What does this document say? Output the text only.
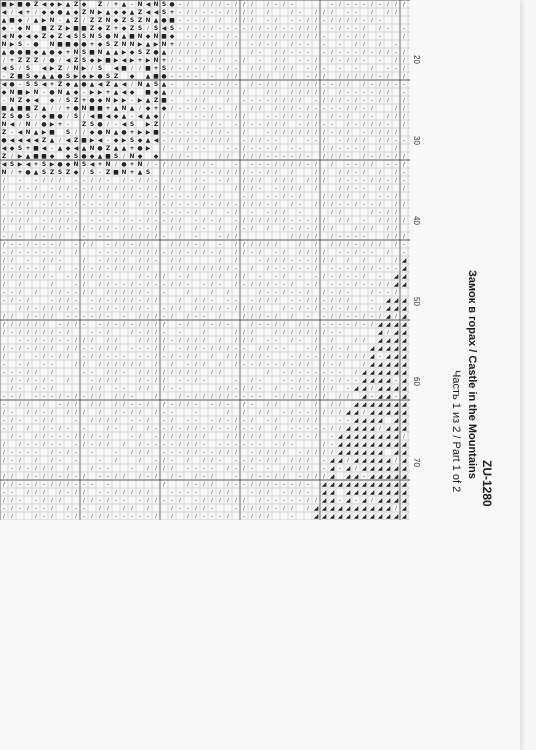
■ ▶ ■ ● Z ◀ ◆ ▶ ▲ Z ◆ Z / + ▲ – N ◀ N S ● – /	/ / / – / / /	/ – / –	– / – – – / – / / /
◀ / ◀ + / ◆ ◆ ● ▲ ◆ Z N ▶ ▲ ◆ ◆ ▲ Z ◀ ◀ S + – / / – – – / / / /	/	/ –	/ / /	– –	/	/ /
▲ ■ ◆ / ▲ ▶ N – ▲ Z / Z Z N ◆ Z S Z N ▲ ● ■ – – – /	/	/ / /	– /	– – / / – / / / / – / –
◆ – ◆ N ■ Z Z ▶ ■ ■ Z ◆ Z + ◆ Z S / S ◀ S – / – / / – – – – / / – / – – / / /	– / – – /	/ –	–
◀ N ◆ ◀ ◆ Z ◆ Z ◀ S S N S ● N ▲ ■ N ◆ N ■ ◆ – / – –	/ –	/ / / / / / / / / –	/ – / /	–	/
N ▶ S – ● N ■ ■ ● ● + ◆ S Z N N ▶ ▲ ▶ N + / / – / /	/ /	– / – /	/ – –	–	–	/ /	/	–
▲ ● ● ■ ◆ ▲ ● ◆ + N S ■ N ▲ ▲ ▶ ◆ S Z ● ▲ / / / /	/ /	/ –	/ / – – –	– / – – – / – / / – /
/ + Z Z Z / ● / ◀ Z S ◆ ▶ ■ ▶ ◀ ▶ + ▶ N + / –	/ – / /	– /	–	/ /	– – /	/ – / / –	–	/ /
◀ S / S ◀ ▶ Z / N ▶ / S ◀ ■ / / ■ + S / – / – /	– / –	/ /	/ / /	– / –	–	–	/	– – /
– Z ■ S ◆ ▲ ▲ ● S ▶ ◆ ▶ ● S Z ◆ ▲ ■ ● – – – –	–	/ /	/ / /	/ /	– / /	/ / / / / – /	/
◀ ● – S S ◀ + Z ◆ ▲ ● ▲ ◀ Z ▲ ◀ / N ▲ S ▲ –	/ – – – / / –	/ – / /	/ / / / – – / /	/ – / / – –
◆ N ■ ▶ N – ● N ▲ ◆ – ▶ ▶ + ▲ ◀ ◆ ■ ◆ ▲ / /	/ / / /	/	/ /	/ / / / /	/ – – – – / /	–
– N Z ◆ ◀ ◆ / S Z + ● ◆ N ▶ ▶ – ▶ ▲ Z ■ –	– / /	/	– – – – / / / /	– / / / – / – – / /	/
■ ▲ ■ ■ Z ▲ / / + ● N ■ ■ + ▲ N ▲ / ◆ + ◆ / – – / – / –	/	/ /	/ / / – / – – – – / / – /	/ /
Z S ● S / ◆ ■ ● / S / ◀ ■ ◀ ◆ ▲ – ◀ ▲ ◆ /	–	– – /	– / /	– – / / – / /	/ – /	/ –	/ / /
N ◀ / N / ● ▶ + – Z S ● / – ◀ S ▶ Z / / – / /	/ –	– / – – / / /	– / / – –	/ – / / / –	/
Z – ◀ N ▲ ▶ ■ S / / ◆ ● N ▲ ● + ▶ ▶ ■ – – – – –	/ / –	/	– / / / / / / / – / /	– / / / /
● ◀ ◀ ◀ ◀ Z ▲ / ◀ Z ■ ▶ ◀ – ◆ ▶ S ◆ ▲ ◀ – / / / – / / / /	– / / – –	/	– – /	– / / /	/ / – –
◀ ◆ S + ■ ◀ – ▲ ◆ ◀ ▲ N ● Z ▲ ▲ + ● ▶	/ –	/ – –	– – / – – – /	– –	/ / – – – /	/	/
Z / ▶ ▲ ■ ■ ◆ ◆ S ● ◆ ▲ ■ S / N ◆ ◆	/ / –	/ /	/ / / – – – – / –	/ / / –	/ – / – / /
◀ S ▶ ◀ + S ▶ ● ◆ N S ◀ + N / ● + N / – / / / / / / –	–	– – – / / / / – /	/	– – / /	– – /
N / + ● ▲ S Z S Z ◆ / S – Z ■ N + ▲ S	/ / /	/ – – / / / / – – / /	/	/ /	/ / – /	/	/ –
/	–	– / / /	– – / / –	/ – / / –	/ /	/ –	– /	/ / /	/ / /	/ / /	/ – – – / / – / –
/	/ – /	– / / – – / / / / / / – / / / – /	/ /	/ / / –	– / / /	/	/ / – –	/ /	/
/	– – / / / – – / / / – /	/ / – / – / – – – / / – /	– /	– – / – /	/ / / /	/	– – /
– / / /	– / – – / – – – / / /	/ – / – / – – – / – / / – / / / – /	/ –	/ / / – – / – – /	/ /
– – / / / / / – –	/ – / – /	/ / – – – – /	/	– /	–	– / /	–	/ /	/ – / /
/ / / /	– / / / –	– – –	/ – – / – – / /	– / – /	– / / / / / / – – – / /	/ /	–	/ / / /
/	/	/ / – / – / / – / / – / / – – /	/ /	/ –	/	/ – /	/	/ – / – / / /	/ / /	/ /
– / –	/ – / /	–	– –	/ / / / / –	/	–	– / /	/ / / /	/ – – – –	/ / /
/ – – / – – – /	– / /	– / / – / /	/ / / – /	–	/ / / / / /	/	/	/ / / – / / /	/ –
– / – – – – – /	/	– – – / / / / / – / / – / / – /	/ / – /	– /	/ / / /	– – / – –	/	–
/ /	–	/ / –	/	– / / /	/ / –	/ /	/	/	– / / / – – – / / /	/	/	/	/ ◢
/ – / – – /	/	– / – / – / / / / /	/ / / / / / / / –	/	/ – – / – – /	– – – / / / – – – ◢
/ / / / / / –	– / / / / –	/ – / /	– /	/ /	/ /	–	– /	–	– / – / – – /	– ◢ ◢
/	/	/	– /	/ / – – / – / – – / / –	– / –	/ – / / / – – /	– /	– – – / – – / / ◢ ◢
– – /	/	/ / – – / /	/ / / / / –	–	/	/	/	/ – – / – – /	/ – / –	/ – – /
– / – /	– / / –	– / – / / / – / /	/	/ / –	– –	– / / /	– – / / – / / /	– ◢ ◢ ◢
/ / – / / / / –	– / / – / / / –	– / /	/ / / / – / / / /	/ – / – / – / – / /	– / ◢ ◢ ◢
/ /	/ – / /	– – – – / –	–	/ / / – /	/ – –	/	/ / / – /	/	–	– / / – – / – / ◢ / ◢
/ / / / / /	– / / –	– / – / – / / / /	– /	/ – / –	/ – – / /	/ /	– – – – / – / ◢ ◢ ◢ ◢
/ – / / / / / – /	– – /	/ – / / –	–	/	/ / /	/ / / / / / / – –	◢ / ◢ ◢
– – / – / – – / / /	/ /	/ / / / – / / / /	/	/ / /	– –	/ –	/	/	/ / ◢ ◢ ◢ ◢
/ – / – / / /	/ / – – / / /	– – – / /	– / / – / / / – –	/ / – –	– / – / – /	◢ ◢ ◢ ◢ ◢
/	/	– / – / /	– / / – – –	– – / – / – / /	/	/ / / / / –	– / – – / / – / / / ◢ – ◢ ◢ ◢
–	– /	– –	/ /	/ / / / / /	/	/	– / /	/	/ – – / – – / – / /	/ – /	/ ◢ ◢ ◢ ◢ ◢
– – – / /	/	– –	/ / –	/ / / / / / / /	/ /	/	– / – – – – – –	/ ◢ ◢ ◢ ◢ ◢ ◢
/ – / – / –	/	– / / /	/ – / /	– – / –	–	/ –	– – / – / / – / – – ◢ ◢ ◢ ◢ – ◢
/ –	/ – /	/ /	– –	/ /	/ – –	/ / – / / –	/	– / – / / /	– ◢ ◢ / ◢ ◢ ◢ ◢
– – /	– – – / – / – / /	/ / –	/	/ – / / / / / – – – –	– / / – / / /	/ / ◢ – ◢ ◢ – ◢
–	/ /	/	– / /	/ /	/ / – – /	/ – / / –	– / –	/ –	/ /	/	/	/ / ◢ ◢ ◢ ◢ ◢ ◢ ◢
/ –	/ / – /	/ / /	/	/ – / /	/ – –	–	/	/	/ /	– / – – / / / / ◢ ◢ / ◢ ◢ ◢ ◢ ◢
– / –	– / /	–	/ / / /	– – /	– /	– –	– / – / – /	– /	/ / / /	– – ◢ ◢ ◢ ◢ ◢ ◢
– /	/	/ – / –	–	/ –	/	/ – – / – / / – / – – / – – /	/	– – – – – / / ◢ ◢ ◢ ◢ / ◢ ◢ ◢
/ –	/ / – – – / / / – /	– /	– / / / / / /	/ / / / /	/ / / – – /	– ◢ ◢ ◢ ◢ ◢ ◢ ◢ ◢ /
/	/ – – / – –	– / – / /	/	/ – – – – / / / –	– – – – – –	– / –	/ – ◢ ◢ ◢ ◢ ◢ ◢ ◢ ◢ ◢
/ – – – –	/ – / –	–	–	/ / /	– – – / / – – / / /	– / / / /	– / / / / ◢ ◢ ◢ ◢ ◢ ◢ ◢ ◢
/ – /	/	/ –	–	–	/	/	– / –	/	/ / –	– – / – / /	/ / /	– ◢ ◢ / ◢ ◢ ◢ ◢ ◢ / ◢
– / – / / /	/	/ – –	–	/ / / /	– – – –	/ – / –	–	/ / / /	– ◢ – ◢ / ◢ ◢ ◢ ◢ ◢ ◢
/ /	/ – / / – / – /	– – / /	/ – /	/ –	/ – /	–	/ – – / /	– / / / ◢ ◢ ◢ – ◢ ◢ ◢ ◢ ◢
/ / – – / – / / / – – –	–	/	/ – / /	/ – – / / / – – – / – ◢ ◢ ◢ ◢ ◢ ◢ ◢ ◢ ◢ ◢ ◢
– –	/ / /	/ – / /	– – / / / / /	– – – –	/ / /	– / /	– / / – ◢ ◢ ◢ ◢ ◢ ◢ ◢ ◢ ◢ ◢
/ / –	– / / /	/ / – / – –	– / / – – /	– / / / / / /	/ – – – – – / / ◢ ◢ – ◢ – ◢ / ◢ ◢ ◢ ◢
– / – / – – /	/ – –	/ /	/ /	/	/ – – / / –	– / / / / – / /	/ ◢ ◢ ◢ ◢ ◢ ◢ ◢ ◢ ◢ ◢ / ◢
/ /	/ – /	– / – / / / – – – – – /	/	/ / – – – /	– / / /	–	◢ ◢ ◢ ◢ ◢ ◢ ◢ ◢ ◢ ◢ ◢ ◢
20
30
40
50
60
70	ZU-1280
Замок в горах / Castle in the Mountains
Часть 1 из 2 / Part 1 of 2
